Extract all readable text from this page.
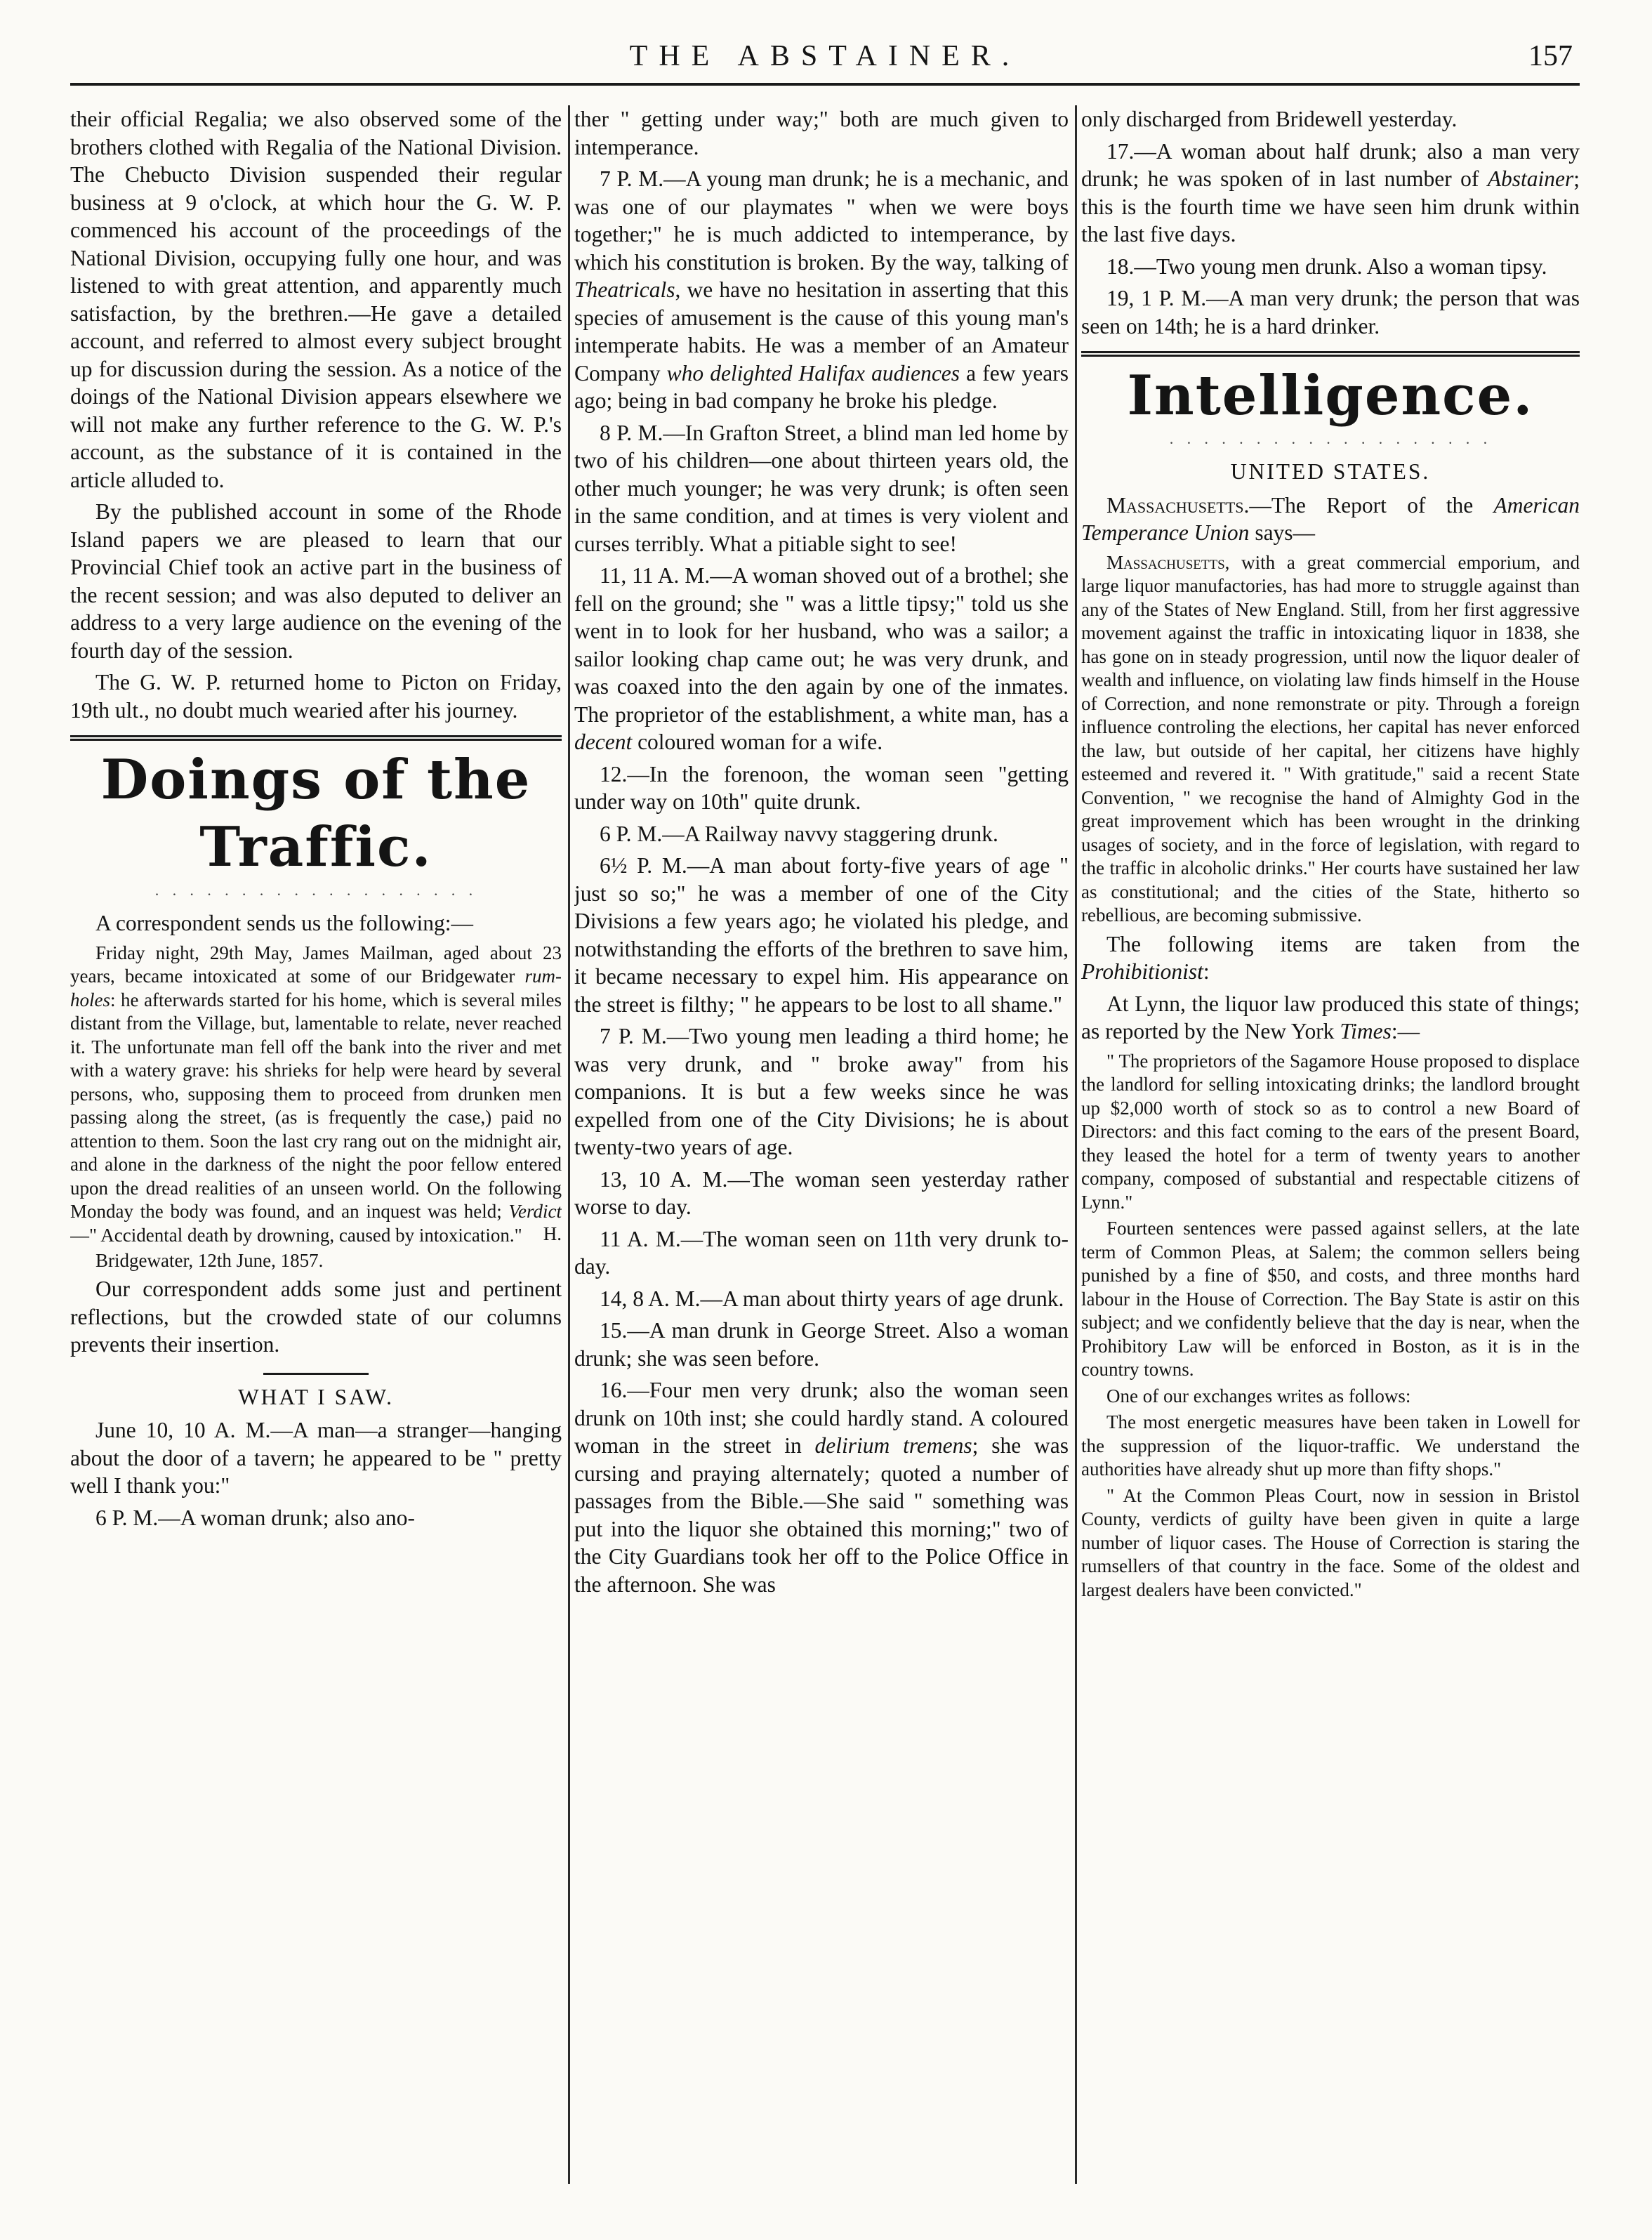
THE ABSTAINER.	157

their official Regalia; we also observed some of the brothers clothed with Regalia of the National Division. The Chebucto Division suspended their regular business at 9 o'clock, at which hour the G. W. P. commenced his account of the proceedings of the National Division, occupying fully one hour, and was listened to with great attention, and apparently much satisfaction, by the brethren.—He gave a detailed account, and referred to almost every subject brought up for discussion during the session. As a notice of the doings of the National Division appears elsewhere we will not make any further reference to the G. W. P.'s account, as the substance of it is contained in the article alluded to.

By the published account in some of the Rhode Island papers we are pleased to learn that our Provincial Chief took an active part in the business of the recent session; and was also deputed to deliver an address to a very large audience on the evening of the fourth day of the session.

The G. W. P. returned home to Picton on Friday, 19th ult., no doubt much wearied after his journey.

Doings of the Traffic.
· · · · · · · · · · · · · · · · · · ·

A correspondent sends us the following:—

Friday night, 29th May, James Mailman, aged about 23 years, became intoxicated at some of our Bridgewater rum-holes: he afterwards started for his home, which is several miles distant from the Village, but, lamentable to relate, never reached it. The unfortunate man fell off the bank into the river and met with a watery grave: his shrieks for help were heard by several persons, who, supposing them to proceed from drunken men passing along the street, (as is frequently the case,) paid no attention to them. Soon the last cry rang out on the midnight air, and alone in the darkness of the night the poor fellow entered upon the dread realities of an unseen world. On the following Monday the body was found, and an inquest was held; Verdict—" Accidental death by drowning, caused by intoxication."	H.

Bridgewater, 12th June, 1857.

Our correspondent adds some just and pertinent reflections, but the crowded state of our columns prevents their insertion.

WHAT I SAW.

June 10, 10 A. M.—A man—a stranger—hanging about the door of a tavern; he appeared to be " pretty well I thank you:"

6 P. M.—A woman drunk; also ano-

ther " getting under way;" both are much given to intemperance.

7 P. M.—A young man drunk; he is a mechanic, and was one of our playmates " when we were boys together;" he is much addicted to intemperance, by which his constitution is broken. By the way, talking of Theatricals, we have no hesitation in asserting that this species of amusement is the cause of this young man's intemperate habits. He was a member of an Amateur Company who delighted Halifax audiences a few years ago; being in bad company he broke his pledge.

8 P. M.—In Grafton Street, a blind man led home by two of his children—one about thirteen years old, the other much younger; he was very drunk; is often seen in the same condition, and at times is very violent and curses terribly. What a pitiable sight to see!

11, 11 A. M.—A woman shoved out of a brothel; she fell on the ground; she " was a little tipsy;" told us she went in to look for her husband, who was a sailor; a sailor looking chap came out; he was very drunk, and was coaxed into the den again by one of the inmates. The proprietor of the establishment, a white man, has a decent coloured woman for a wife.

12.—In the forenoon, the woman seen "getting under way on 10th" quite drunk.

6 P. M.—A Railway navvy staggering drunk.

6½ P. M.—A man about forty-five years of age " just so so;" he was a member of one of the City Divisions a few years ago; he violated his pledge, and notwithstanding the efforts of the brethren to save him, it became necessary to expel him. His appearance on the street is filthy; " he appears to be lost to all shame."

7 P. M.—Two young men leading a third home; he was very drunk, and " broke away" from his companions. It is but a few weeks since he was expelled from one of the City Divisions; he is about twenty-two years of age.

13, 10 A. M.—The woman seen yesterday rather worse to day.

11 A. M.—The woman seen on 11th very drunk to-day.

14, 8 A. M.—A man about thirty years of age drunk.

15.—A man drunk in George Street. Also a woman drunk; she was seen before.

16.—Four men very drunk; also the woman seen drunk on 10th inst; she could hardly stand. A coloured woman in the street in delirium tremens; she was cursing and praying alternately; quoted a number of passages from the Bible.—She said " something was put into the liquor she obtained this morning;" two of the City Guardians took her off to the Police Office in the afternoon. She was

only discharged from Bridewell yesterday.

17.—A woman about half drunk; also a man very drunk; he was spoken of in last number of Abstainer; this is the fourth time we have seen him drunk within the last five days.

18.—Two young men drunk. Also a woman tipsy.

19, 1 P. M.—A man very drunk; the person that was seen on 14th; he is a hard drinker.

Intelligence.
· · · · · · · · · · · · · · · · · · ·
UNITED STATES.

Massachusetts.—The Report of the American Temperance Union says—

Massachusetts, with a great commercial emporium, and large liquor manufactories, has had more to struggle against than any of the States of New England. Still, from her first aggressive movement against the traffic in intoxicating liquor in 1838, she has gone on in steady progression, until now the liquor dealer of wealth and influence, on violating law finds himself in the House of Correction, and none remonstrate or pity. Through a foreign influence controling the elections, her capital has never enforced the law, but outside of her capital, her citizens have highly esteemed and revered it. " With gratitude," said a recent State Convention, " we recognise the hand of Almighty God in the great improvement which has been wrought in the drinking usages of society, and in the force of legislation, with regard to the traffic in alcoholic drinks." Her courts have sustained her law as constitutional; and the cities of the State, hitherto so rebellious, are becoming submissive.

The following items are taken from the Prohibitionist:

At Lynn, the liquor law produced this state of things; as reported by the New York Times:—

" The proprietors of the Sagamore House proposed to displace the landlord for selling intoxicating drinks; the landlord brought up $2,000 worth of stock so as to control a new Board of Directors: and this fact coming to the ears of the present Board, they leased the hotel for a term of twenty years to another company, composed of substantial and respectable citizens of Lynn."

Fourteen sentences were passed against sellers, at the late term of Common Pleas, at Salem; the common sellers being punished by a fine of $50, and costs, and three months hard labour in the House of Correction. The Bay State is astir on this subject; and we confidently believe that the day is near, when the Prohibitory Law will be enforced in Boston, as it is in the country towns.

One of our exchanges writes as follows:

The most energetic measures have been taken in Lowell for the suppression of the liquor-traffic. We understand the authorities have already shut up more than fifty shops."

" At the Common Pleas Court, now in session in Bristol County, verdicts of guilty have been given in quite a large number of liquor cases. The House of Correction is staring the rumsellers of that country in the face. Some of the oldest and largest dealers have been convicted."
